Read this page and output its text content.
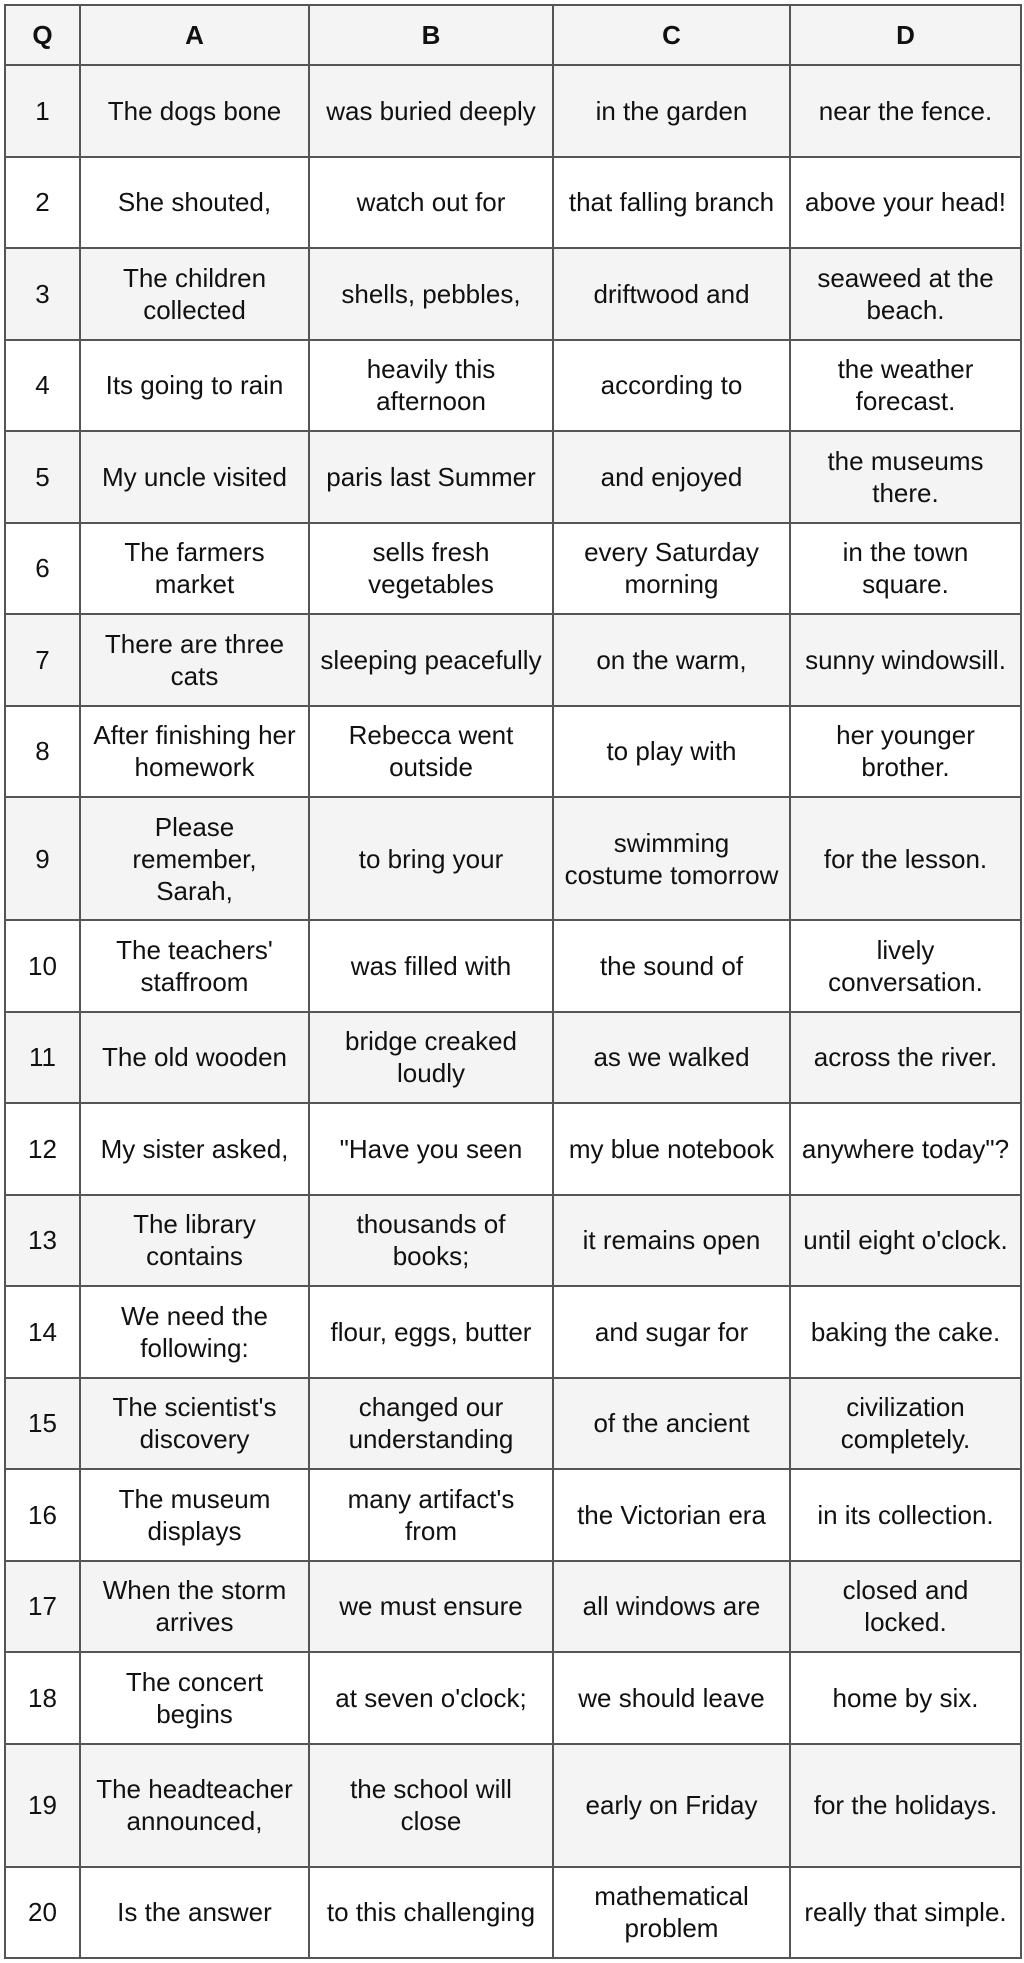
Q	A	B	C	D
1	The dogs bone	was buried deeply	in the garden	near the fence.
2	She shouted,	watch out for	that falling branch	above your head!
3	The children collected	shells, pebbles,	driftwood and	seaweed at the beach.
4	Its going to rain	heavily this afternoon	according to	the weather forecast.
5	My uncle visited	paris last Summer	and enjoyed	the museums there.
6	The farmers market	sells fresh vegetables	every Saturday morning	in the town square.
7	There are three cats	sleeping peacefully	on the warm,	sunny windowsill.
8	After finishing her homework	Rebecca went outside	to play with	her younger brother.
9	Please remember, Sarah,	to bring your	swimming costume tomorrow	for the lesson.
10	The teachers' staffroom	was filled with	the sound of	lively conversation.
11	The old wooden	bridge creaked loudly	as we walked	across the river.
12	My sister asked,	"Have you seen	my blue notebook	anywhere today"?
13	The library contains	thousands of books;	it remains open	until eight o'clock.
14	We need the following:	flour, eggs, butter	and sugar for	baking the cake.
15	The scientist's discovery	changed our understanding	of the ancient	civilization completely.
16	The museum displays	many artifact's from	the Victorian era	in its collection.
17	When the storm arrives	we must ensure	all windows are	closed and locked.
18	The concert begins	at seven o'clock;	we should leave	home by six.
19	The headteacher announced,	the school will close	early on Friday	for the holidays.
20	Is the answer	to this challenging	mathematical problem	really that simple.
